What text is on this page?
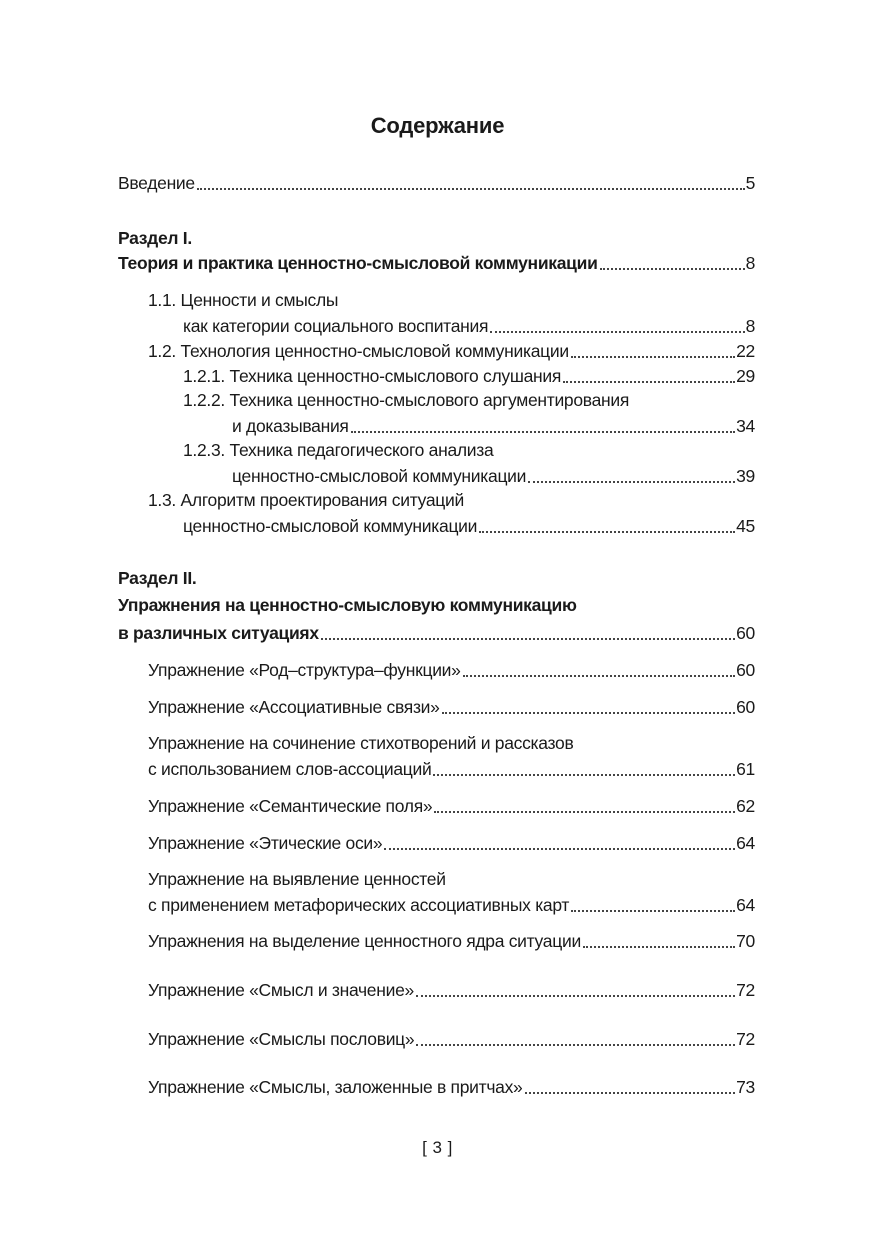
Содержание
Введение	5
Раздел I.
Теория и практика ценностно-смысловой коммуникации	8
1.1. Ценности и смыслы
как категории социального воспитания	8
1.2. Технология ценностно-смысловой коммуникации	22
1.2.1. Техника ценностно-смыслового слушания	29
1.2.2. Техника ценностно-смыслового аргументирования
и доказывания	34
1.2.3. Техника педагогического анализа
ценностно-смысловой коммуникации	39
1.3. Алгоритм проектирования ситуаций
ценностно-смысловой коммуникации	45
Раздел II.
Упражнения на ценностно-смысловую коммуникацию
в различных ситуациях	60
Упражнение «Род–структура–функции»	60
Упражнение «Ассоциативные связи»	60
Упражнение на сочинение стихотворений и рассказов
с использованием слов-ассоциаций	61
Упражнение «Семантические поля»	62
Упражнение «Этические оси»	64
Упражнение на выявление ценностей
с применением метафорических ассоциативных карт	64
Упражнения на выделение ценностного ядра ситуации	70
Упражнение «Смысл и значение»	72
Упражнение «Смыслы пословиц»	72
Упражнение «Смыслы, заложенные в притчах»	73
[ 3 ]
